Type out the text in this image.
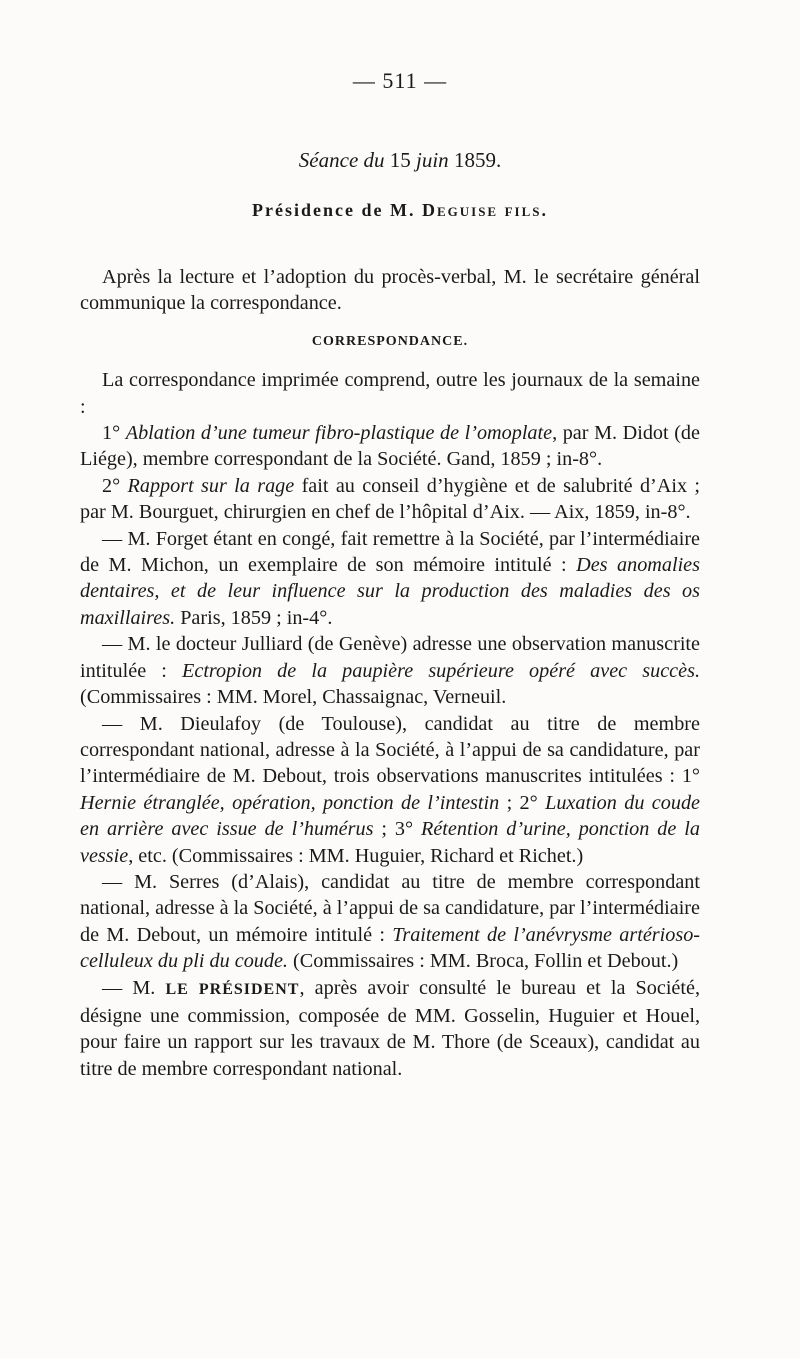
— 511 —
Séance du 15 juin 1859.
Présidence de M. Deguise fils.

Après la lecture et l’adoption du procès-verbal, M. le secrétaire général communique la correspondance.

CORRESPONDANCE.

La correspondance imprimée comprend, outre les journaux de la semaine :

1° Ablation d’une tumeur fibro-plastique de l’omoplate, par M. Didot (de Liége), membre correspondant de la Société. Gand, 1859 ; in-8°.

2° Rapport sur la rage fait au conseil d’hygiène et de salubrité d’Aix ; par M. Bourguet, chirurgien en chef de l’hôpital d’Aix. — Aix, 1859, in-8°.

— M. Forget étant en congé, fait remettre à la Société, par l’intermédiaire de M. Michon, un exemplaire de son mémoire intitulé : Des anomalies dentaires, et de leur influence sur la production des maladies des os maxillaires. Paris, 1859 ; in-4°.

— M. le docteur Julliard (de Genève) adresse une observation manuscrite intitulée : Ectropion de la paupière supérieure opéré avec succès. (Commissaires : MM. Morel, Chassaignac, Verneuil.

— M. Dieulafoy (de Toulouse), candidat au titre de membre correspondant national, adresse à la Société, à l’appui de sa candidature, par l’intermédiaire de M. Debout, trois observations manuscrites intitulées : 1° Hernie étranglée, opération, ponction de l’intestin ; 2° Luxation du coude en arrière avec issue de l’humérus ; 3° Rétention d’urine, ponction de la vessie, etc. (Commissaires : MM. Huguier, Richard et Richet.)

— M. Serres (d’Alais), candidat au titre de membre correspondant national, adresse à la Société, à l’appui de sa candidature, par l’intermédiaire de M. Debout, un mémoire intitulé : Traitement de l’anévrysme artérioso-celluleux du pli du coude. (Commissaires : MM. Broca, Follin et Debout.)

— M. LE PRÉSIDENT, après avoir consulté le bureau et la Société, désigne une commission, composée de MM. Gosselin, Huguier et Houel, pour faire un rapport sur les travaux de M. Thore (de Sceaux), candidat au titre de membre correspondant national.
